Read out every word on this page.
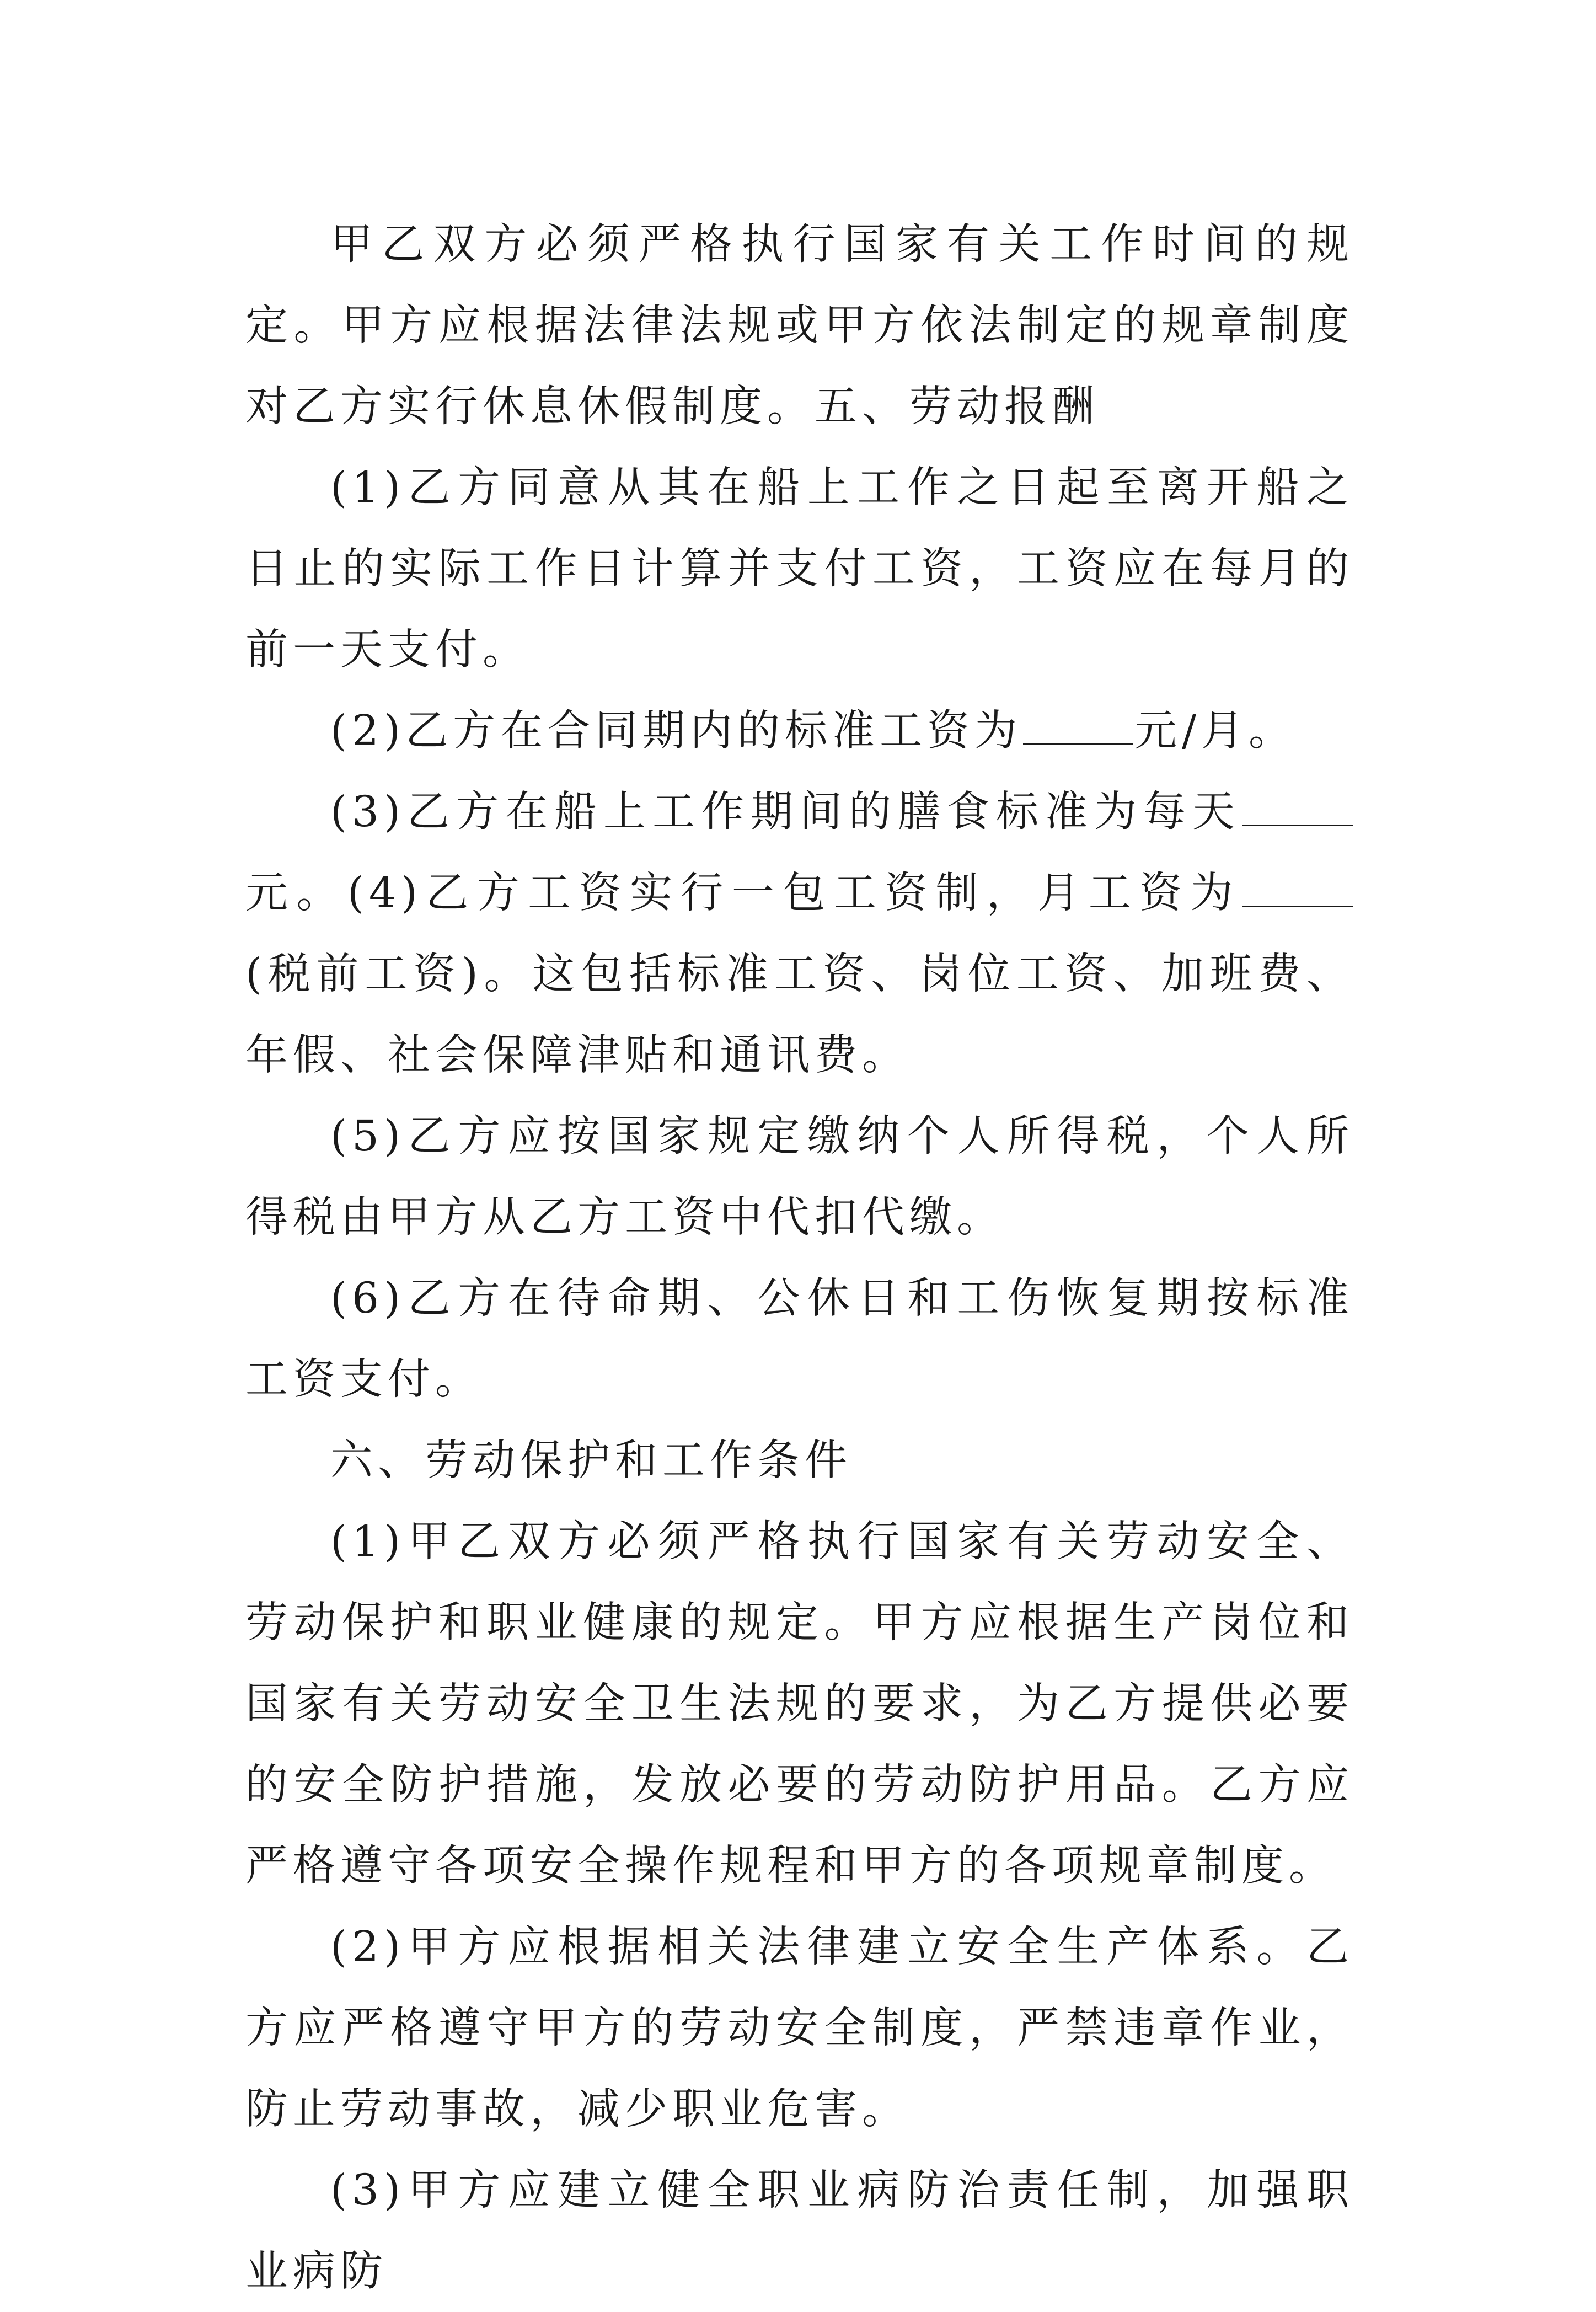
甲乙双方必须严格执行国家有关工作时间的规定。甲方应根据法律法规或甲方依法制定的规章制度对乙方实行休息休假制度。五、劳动报酬

(1)乙方同意从其在船上工作之日起至离开船之日止的实际工作日计算并支付工资，工资应在每月的前一天支付。

(2)乙方在合同期内的标准工资为	元/月。

(3)乙方在船上工作期间的膳食标准为每天元。(4)乙方工资实行一包工资制，月工资为(税前工资)。这包括标准工资、岗位工资、加班费、年假、社会保障津贴和通讯费。

(5)乙方应按国家规定缴纳个人所得税，个人所得税由甲方从乙方工资中代扣代缴。

(6)乙方在待命期、公休日和工伤恢复期按标准工资支付。

六、劳动保护和工作条件

(1)甲乙双方必须严格执行国家有关劳动安全、劳动保护和职业健康的规定。甲方应根据生产岗位和国家有关劳动安全卫生法规的要求，为乙方提供必要的安全防护措施，发放必要的劳动防护用品。乙方应严格遵守各项安全操作规程和甲方的各项规章制度。

(2)甲方应根据相关法律建立安全生产体系。乙方应严格遵守甲方的劳动安全制度，严禁违章作业，防止劳动事故，减少职业危害。

(3)甲方应建立健全职业病防治责任制，加强职业病防
